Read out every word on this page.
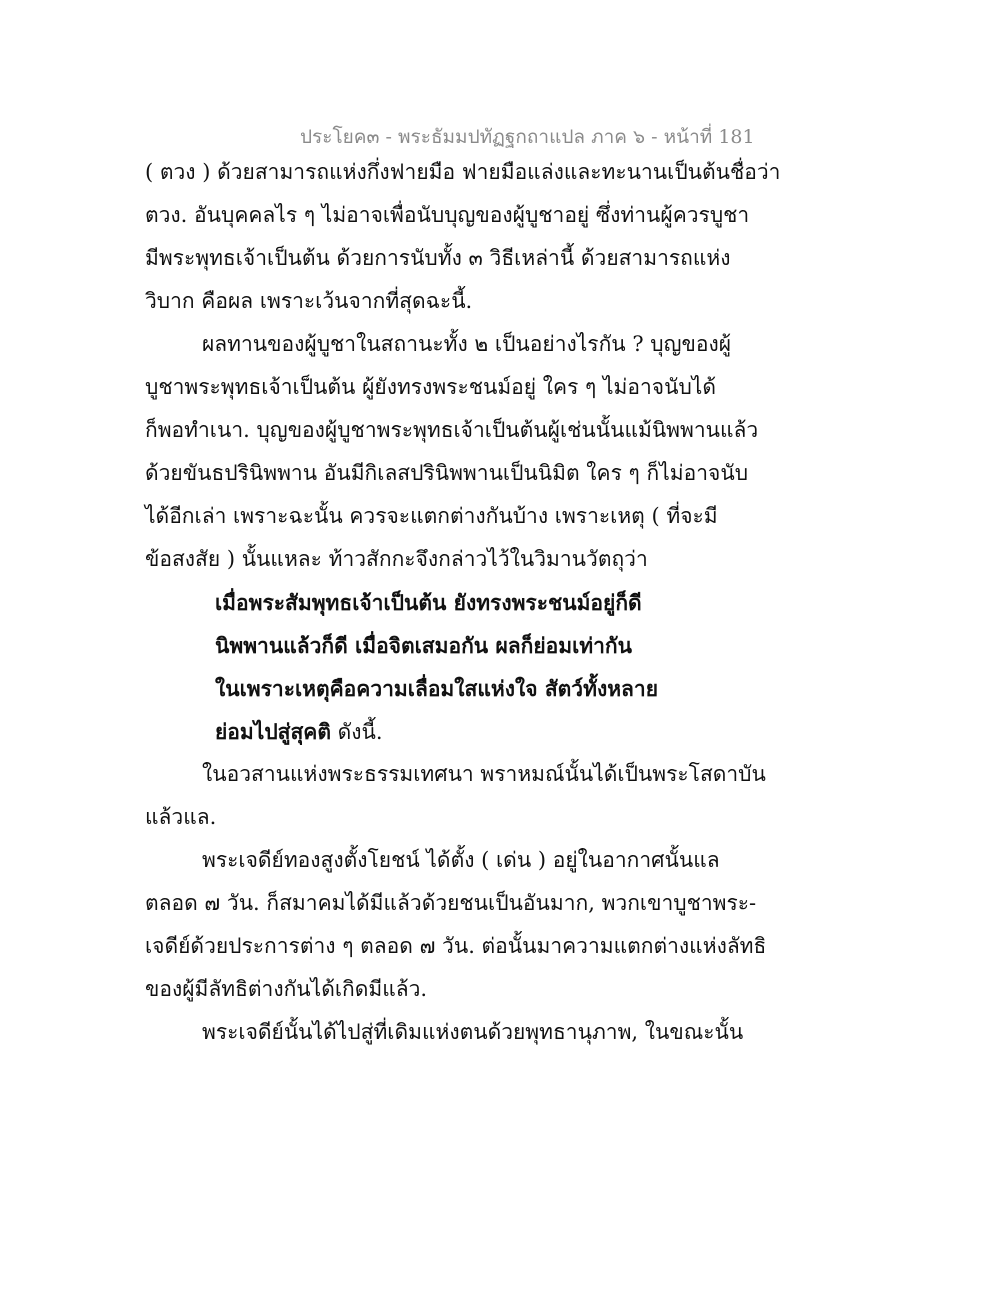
ประโยค๓ - พระธัมมปทัฏฐกถาแปล ภาค ๖ - หน้าที่ 181
( ตวง ) ด้วยสามารถแห่งกึ่งฟายมือ ฟายมือแล่งและทะนานเป็นต้นชื่อว่า
ตวง. อันบุคคลไร ๆ ไม่อาจเพื่อนับบุญของผู้บูชาอยู่ ซึ่งท่านผู้ควรบูชา
มีพระพุทธเจ้าเป็นต้น ด้วยการนับทั้ง ๓ วิธีเหล่านี้ ด้วยสามารถแห่ง
วิบาก คือผล เพราะเว้นจากที่สุดฉะนี้.
ผลทานของผู้บูชาในสถานะทั้ง ๒ เป็นอย่างไรกัน ? บุญของผู้
บูชาพระพุทธเจ้าเป็นต้น ผู้ยังทรงพระชนม์อยู่ ใคร ๆ ไม่อาจนับได้
ก็พอทำเนา. บุญของผู้บูชาพระพุทธเจ้าเป็นต้นผู้เช่นนั้นแม้นิพพานแล้ว
ด้วยขันธปรินิพพาน อันมีกิเลสปรินิพพานเป็นนิมิต ใคร ๆ ก็ไม่อาจนับ
ได้อีกเล่า เพราะฉะนั้น ควรจะแตกต่างกันบ้าง เพราะเหตุ ( ที่จะมี
ข้อสงสัย ) นั้นแหละ ท้าวสักกะจึงกล่าวไว้ในวิมานวัตถุว่า
เมื่อพระสัมพุทธเจ้าเป็นต้น ยังทรงพระชนม์อยู่ก็ดี
นิพพานแล้วก็ดี เมื่อจิตเสมอกัน ผลก็ย่อมเท่ากัน
ในเพราะเหตุคือความเลื่อมใสแห่งใจ สัตว์ทั้งหลาย
ย่อมไปสู่สุคติ ดังนี้.
ในอวสานแห่งพระธรรมเทศนา พราหมณ์นั้นได้เป็นพระโสดาบัน
แล้วแล.
พระเจดีย์ทองสูงตั้งโยชน์ ได้ตั้ง ( เด่น ) อยู่ในอากาศนั้นแล
ตลอด ๗ วัน. ก็สมาคมได้มีแล้วด้วยชนเป็นอันมาก, พวกเขาบูชาพระ-
เจดีย์ด้วยประการต่าง ๆ ตลอด ๗ วัน. ต่อนั้นมาความแตกต่างแห่งลัทธิ
ของผู้มีลัทธิต่างกันได้เกิดมีแล้ว.
พระเจดีย์นั้นได้ไปสู่ที่เดิมแห่งตนด้วยพุทธานุภาพ, ในขณะนั้น
